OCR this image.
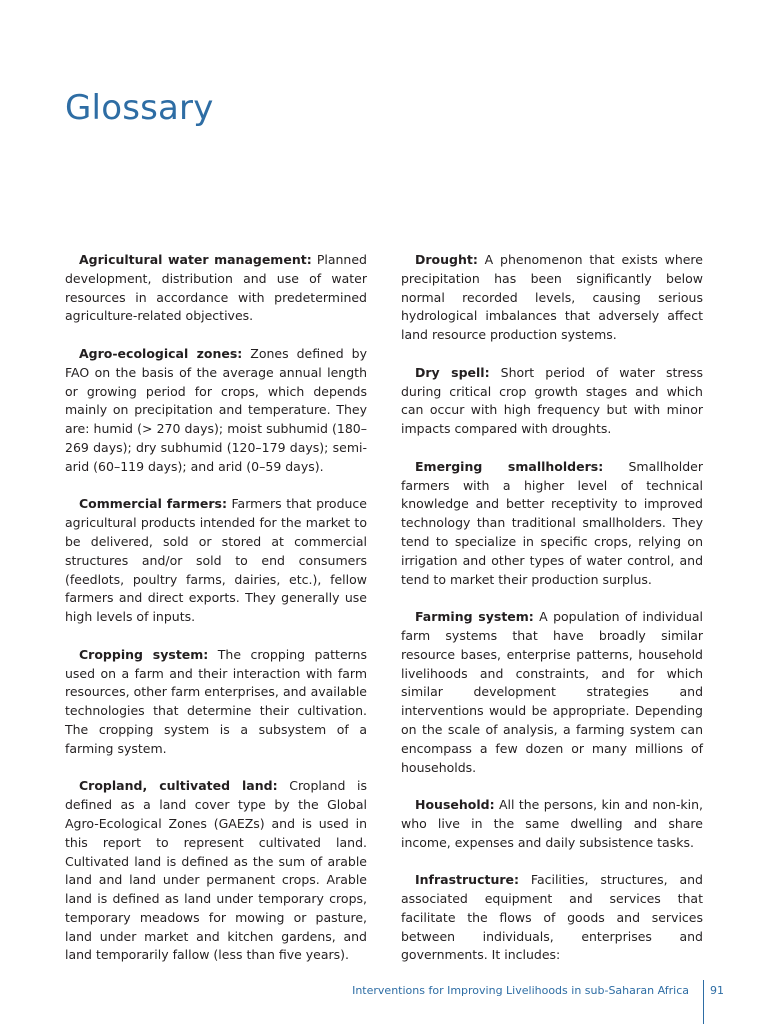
Glossary

Agricultural water management: Planned development, distribution and use of water resources in accordance with predetermined agriculture-related objectives.

Agro-ecological zones: Zones defined by FAO on the basis of the average annual length or growing period for crops, which depends mainly on precipitation and temperature. They are: humid (> 270 days); moist subhumid (180–269 days); dry subhumid (120–179 days); semi-arid (60–119 days); and arid (0–59 days).

Commercial farmers: Farmers that produce agricultural products intended for the market to be delivered, sold or stored at commercial structures and/or sold to end consumers (feedlots, poultry farms, dairies, etc.), fellow farmers and direct exports. They generally use high levels of inputs.

Cropping system: The cropping patterns used on a farm and their interaction with farm resources, other farm enterprises, and available technologies that determine their cultivation. The cropping system is a subsystem of a farming system.

Cropland, cultivated land: Cropland is defined as a land cover type by the Global Agro-Ecological Zones (GAEZs) and is used in this report to represent cultivated land. Cultivated land is defined as the sum of arable land and land under permanent crops. Arable land is defined as land under temporary crops, temporary meadows for mowing or pasture, land under market and kitchen gardens, and land temporarily fallow (less than five years).

Drought: A phenomenon that exists where precipitation has been significantly below normal recorded levels, causing serious hydrological imbalances that adversely affect land resource production systems.

Dry spell: Short period of water stress during critical crop growth stages and which can occur with high frequency but with minor impacts compared with droughts.

Emerging smallholders: Smallholder farmers with a higher level of technical knowledge and better receptivity to improved technology than traditional smallholders. They tend to specialize in specific crops, relying on irrigation and other types of water control, and tend to market their production surplus.

Farming system: A population of individual farm systems that have broadly similar resource bases, enterprise patterns, household livelihoods and constraints, and for which similar development strategies and interventions would be appropriate. Depending on the scale of analysis, a farming system can encompass a few dozen or many millions of households.

Household: All the persons, kin and non-kin, who live in the same dwelling and share income, expenses and daily subsistence tasks.

Infrastructure: Facilities, structures, and associated equipment and services that facilitate the flows of goods and services between individuals, enterprises and governments. It includes:

Interventions for Improving Livelihoods in sub-Saharan Africa 91
